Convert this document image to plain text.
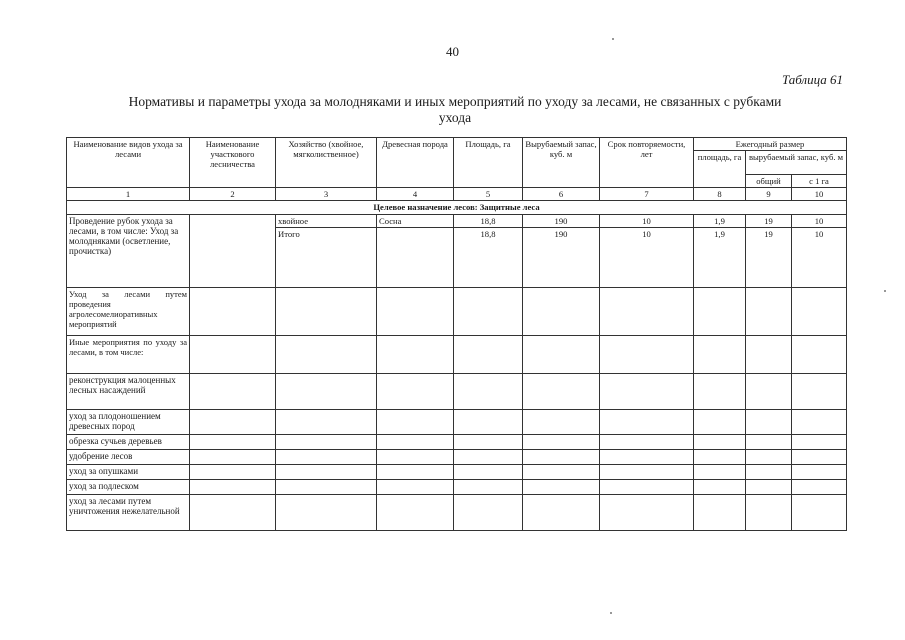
40
Таблица 61
Нормативы и параметры ухода за молодняками и иных мероприятий по уходу за лесами, не связанных с рубками
ухода
Наименование видов ухода за лесами	Наименование участкового лесничества	Хозяйство (хвойное, мягколиственное)	Древесная порода	Площадь, га	Вырубаемый запас, куб. м	Срок повторяемости, лет	Ежегодный размер		
							площадь, га	вырубаемый запас, куб. м	
								общий	с 1 га
1	2	3	4	5	6	7	8	9	10
Целевое назначение лесов: Защитные леса									
Проведение рубок ухода за лесами, в том числе: Уход за молодняками (осветление, прочистка)		хвойное	Сосна	18,8	190	10	1,9	19	10
		Итого		18,8	190	10	1,9	19	10
Уход за лесами путем проведения агролесомелиоративных мероприятий									
Иные мероприятия по уходу за лесами, в том числе:									
реконструкция малоценных лесных насаждений									
уход за плодоношением древесных пород									
обрезка сучьев деревьев									
удобрение лесов									
уход за опушками									
уход за подлеском									
уход за лесами путем уничтожения нежелательной									
